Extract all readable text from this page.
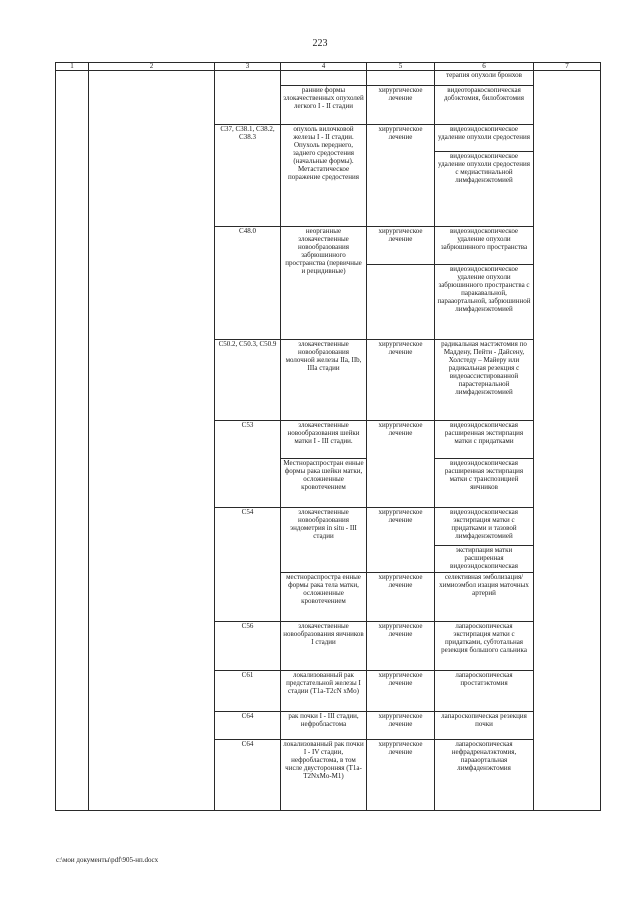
223
1	2	3	4	5	6	7
					терапия опухоли бронхов	
			ранние формы злокачественных опухолей легкого I - II стадии	хирургическое лечение	видеоторакоскопическая добэктомия, билобэктомия	
		C37, C38.1, C38.2, C38.3	опухоль вилочковой железы I - II стадии. Опухоль переднего, заднего средостения (начальные формы). Метастатическое поражение средостения	хирургическое лечение	видеоэндоскопическое удаление опухоли средостения	
					видеоэндоскопическое удаление опухоли средостения с медиастинальной лимфаденэктомией	
		C48.0	неорганные злокачественные новообразования забрюшинного пространства (первичные и рецидивные)	хирургическое лечение	видеоэндоскопическое удаление опухоли забрюшинного пространства	
					видеоэндоскопическое удаление опухоли забрюшинного пространства с паракавальной, парааортальной, забрюшинной лимфаденэктомией	
		C50.2, C50.3, C50.9	злокачественные новообразования молочной железы IIa, IIb, IIIa стадии	хирургическое лечение	радикальная мастэктомия по Маддену, Пейти - Дайсену, Холстеду – Майеру или радикальная резекция с видеоассистированной парастернальной лимфаденэктомией	
		C53	злокачественные новообразования шейки матки I - III стадии.	хирургическое лечение	видеоэндоскопическая расширенная экстирпация матки с придатками	
			Местнораспростран енные формы рака шейки матки, осложненные кровотечением		видеоэндоскопическая расширенная экстирпация матки с транспозицией яичников	
		C54	злокачественные новообразования эндометрия in situ - III стадии	хирургическое лечение	видеоэндоскопическая экстирпация матки с придатками и тазовой лимфаденэктомией	
					экстирпация матки расширенная видеоэндоскопическая	
			местнораспростра енные формы рака тела матки, осложненные кровотечением	хирургическое лечение	селективная эмболизация/химиоэмбол изация маточных артерий	
		C56	злокачественные новообразования яичников I стадии	хирургическое лечение	лапароскопическая экстирпация матки с придатками, субтотальная резекция большого сальника	
		C61	локализованный рак предстательной железы I стадии (T1a-T2cN xMo)	хирургическое лечение	лапароскопическая простатэктомия	
		C64	рак почки I - III стадии, нефробластома	хирургическое лечение	лапароскопическая резекция почки	
		C64	локализованный рак почки I - IV стадии, нефробластома, в том числе двусторонняя (T1a-T2NxMo-M1)	хирургическое лечение	лапароскопическая нефрадреналэктомия, парааортальная лимфаденэктомия	
c:\мои документы\pdf\905-нп.docx
